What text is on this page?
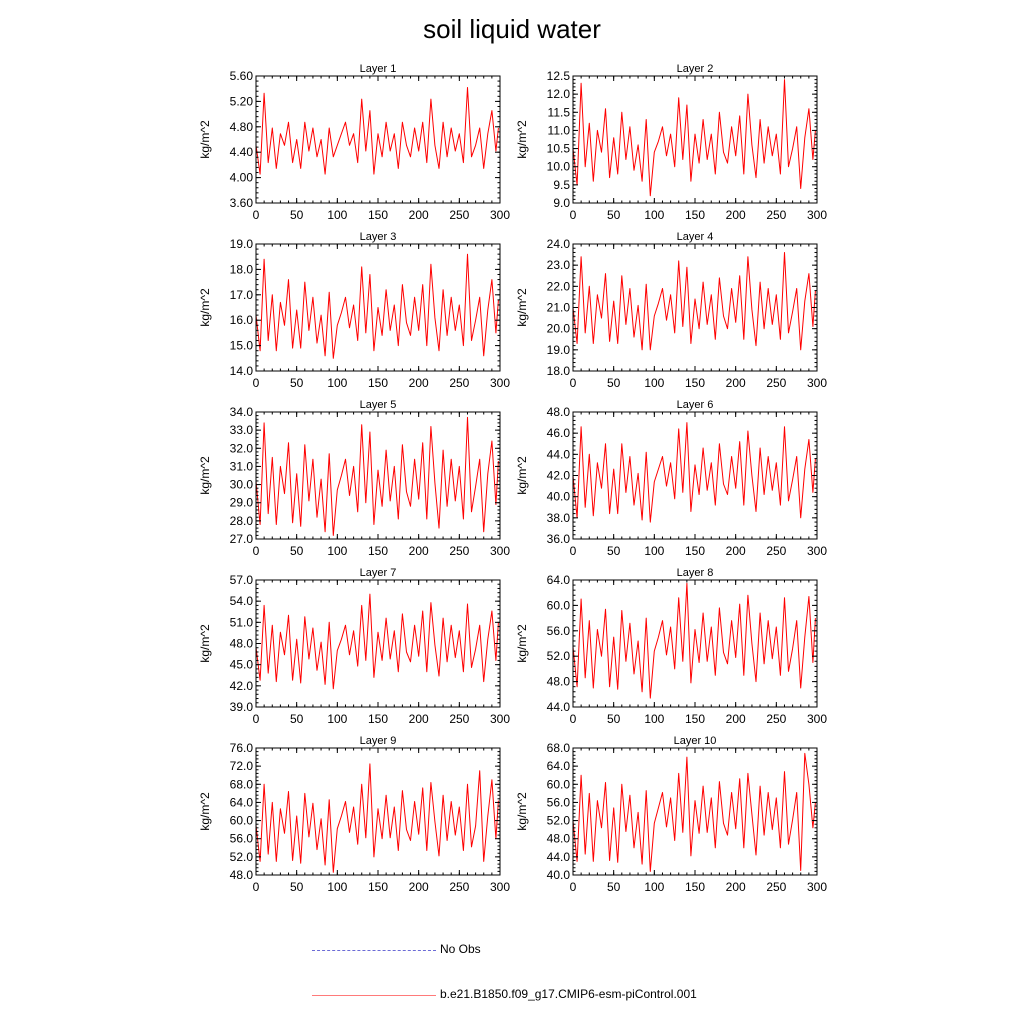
soil liquid water
Layer 1
0	50 100 150 200 250 300
3.60
4.00
4.40
4.80
5.20
5.60
kg/m^2
Layer 2
0	50 100 150 200 250 300
9.0
9.5
10.0
10.5
11.0
11.5
12.0
12.5
kg/m^2
Layer 3
0	50 100 150 200 250 300
14.0
15.0
16.0
17.0
18.0
19.0
kg/m^2
Layer 4
0	50 100 150 200 250 300
18.0
19.0
20.0
21.0
22.0
23.0
24.0
kg/m^2
Layer 5
0	50 100 150 200 250 300
27.0
28.0
29.0
30.0
31.0
32.0
33.0
34.0
kg/m^2
Layer 6
0	50 100 150 200 250 300
36.0
38.0
40.0
42.0
44.0
46.0
48.0
kg/m^2
Layer 7
0	50 100 150 200 250 300
39.0
42.0
45.0
48.0
51.0
54.0
57.0
kg/m^2
Layer 8
0	50 100 150 200 250 300
44.0
48.0
52.0
56.0
60.0
64.0
kg/m^2
Layer 9
0	50 100 150 200 250 300
48.0
52.0
56.0
60.0
64.0
68.0
72.0
76.0
kg/m^2
Layer 10
0	50 100 150 200 250 300
40.0
44.0
48.0
52.0
56.0
60.0
64.0
68.0
kg/m^2
No Obs
b.e21.B1850.f09_g17.CMIP6-esm-piControl.001
